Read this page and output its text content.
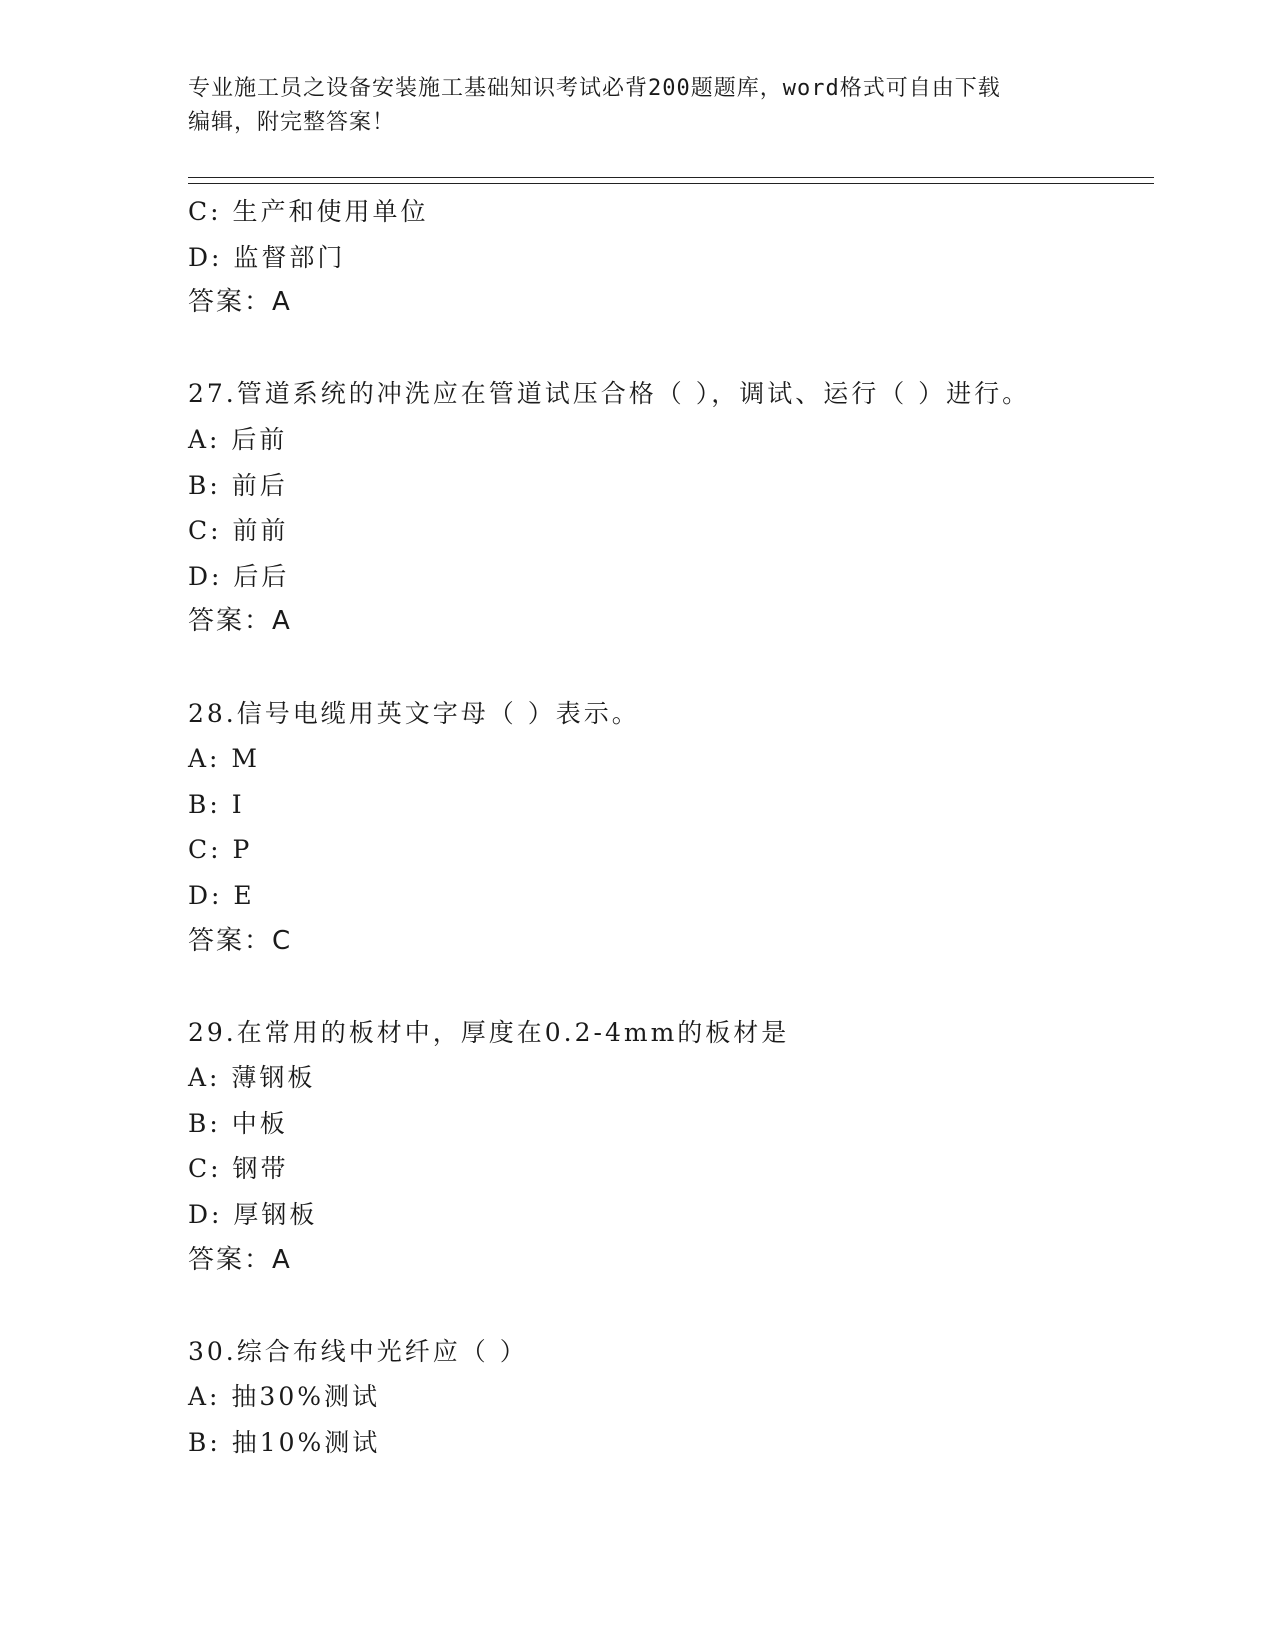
专业施工员之设备安装施工基础知识考试必背200题题库，word格式可自由下载
编辑，附完整答案！
C: 生产和使用单位
D: 监督部门
答案：A
27.管道系统的冲洗应在管道试压合格（ ），调试、运行（ ）进行。
A: 后前
B: 前后
C: 前前
D: 后后
答案：A
28.信号电缆用英文字母（ ）表示。
A: M
B: I
C: P
D: E
答案：C
29.在常用的板材中，厚度在0.2-4mm的板材是
A: 薄钢板
B: 中板
C: 钢带
D: 厚钢板
答案：A
30.综合布线中光纤应（ ）
A: 抽30%测试
B: 抽10%测试
